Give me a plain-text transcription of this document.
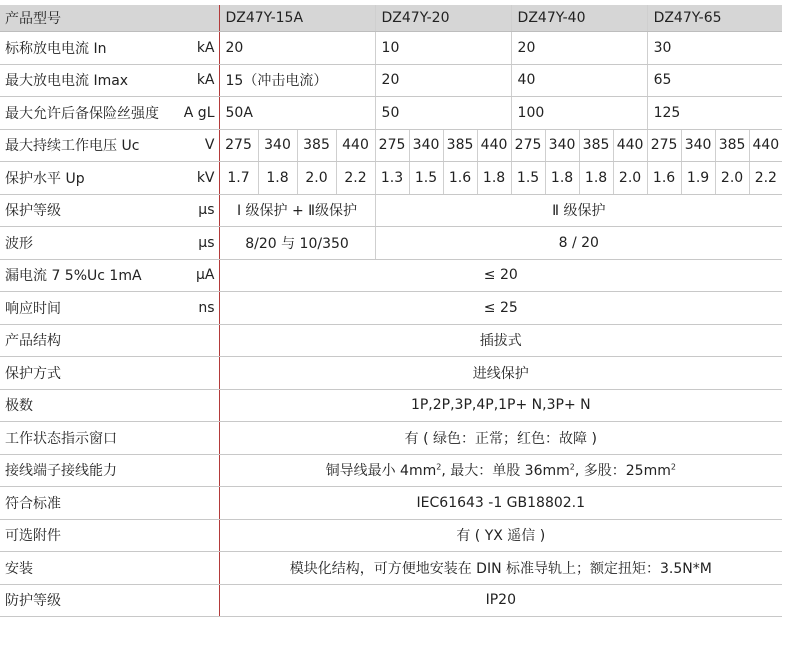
产品型号		DZ47Y-15A				DZ47Y-20				DZ47Y-40				DZ47Y-65			
标称放电电流 In	kA	20				10				20				30			
最大放电电流 Imax	kA	15（冲击电流）				20				40				65			
最大允许后备保险丝强度	A gL	50A				50				100				125			
最大持续工作电压 Uc	V	275	340	385	440	275	340	385	440	275	340	385	440	275	340	385	440
保护水平 Up	kV	1.7	1.8	2.0	2.2	1.3	1.5	1.6	1.8	1.5	1.8	1.8	2.0	1.6	1.9	2.0	2.2
保护等级	μs	Ⅰ 级保护 + Ⅱ级保护				Ⅱ 级保护											
波形	μs	8/20 与 10/350				8 / 20											
漏电流 7 5%Uc 1mA	μA	≤ 20															
响应时间	ns	≤ 25															
产品结构		插拔式															
保护方式		进线保护															
极数		1P,2P,3P,4P,1P+ N,3P+ N															
工作状态指示窗口		有 ( 绿色：正常；红色：故障 )															
接线端子接线能力		铜导线最小 $4mm^2$, 最大：单股 $36mm^2$, 多股：$25mm^2$
符合标准		IEC61643 -1 GB18802.1															
可选附件		有 ( YX 遥信 )															
安装		模块化结构，可方便地安装在 DIN 标准导轨上；额定扭矩：3.5N*M															
防护等级		IP20															
